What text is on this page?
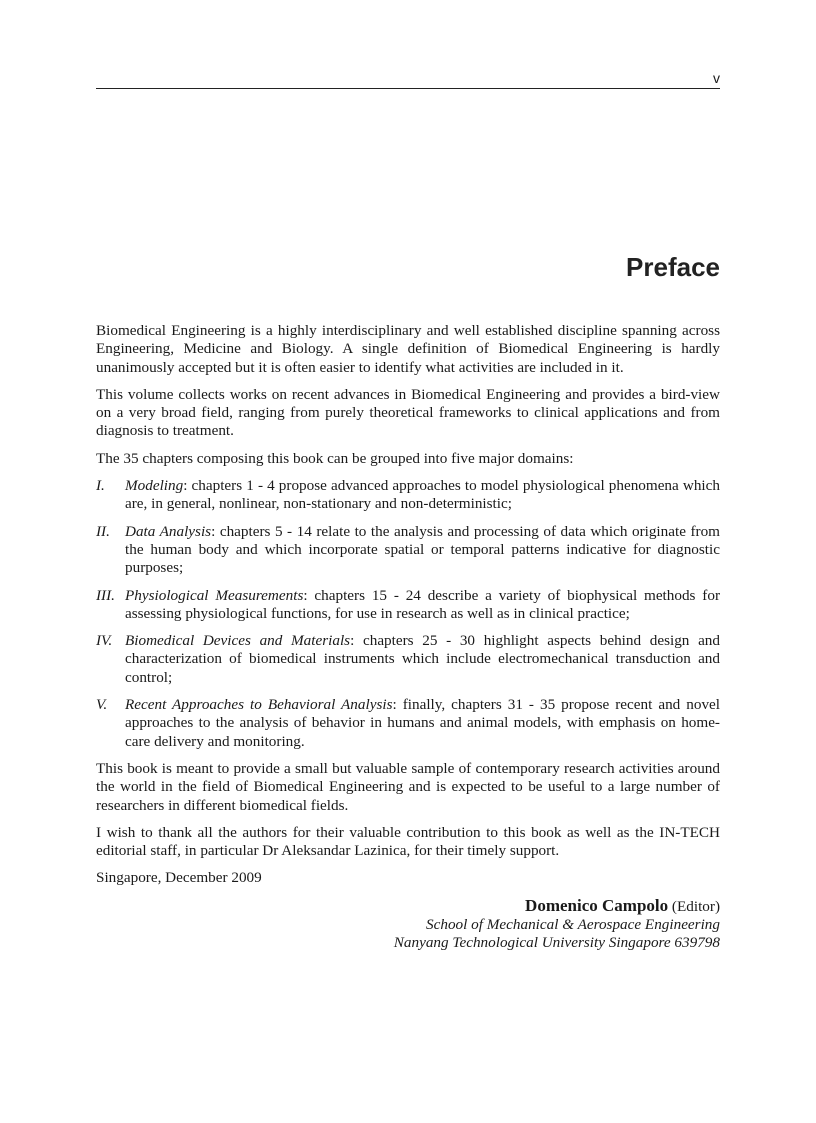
v
Preface

Biomedical Engineering is a highly interdisciplinary and well established discipline spanning across Engineering, Medicine and Biology. A single definition of Biomedical Engineering is hardly unanimously accepted but it is often easier to identify what activities are included in it.

This volume collects works on recent advances in Biomedical Engineering and provides a bird-view on a very broad field, ranging from purely theoretical frameworks to clinical applications and from diagnosis to treatment.

The 35 chapters composing this book can be grouped into five major domains:

I.	Modeling: chapters 1 - 4 propose advanced approaches to model physiological phenomena which are, in general, nonlinear, non-stationary and non-deterministic;
II. Data Analysis: chapters 5 - 14 relate to the analysis and processing of data which originate from the human body and which incorporate spatial or temporal patterns indicative for diagnostic purposes;
III. Physiological Measurements: chapters 15 - 24 describe a variety of biophysical methods for assessing physiological functions, for use in research as well as in clinical practice;
IV. Biomedical Devices and Materials: chapters 25 - 30 highlight aspects behind design and characterization of biomedical instruments which include electromechanical transduction and control;
V.	Recent Approaches to Behavioral Analysis: finally, chapters 31 - 35 propose recent and novel approaches to the analysis of behavior in humans and animal models, with emphasis on home-care delivery and monitoring.

This book is meant to provide a small but valuable sample of contemporary research activities around the world in the field of Biomedical Engineering and is expected to be useful to a large number of researchers in different biomedical fields.

I wish to thank all the authors for their valuable contribution to this book as well as the IN-TECH editorial staff, in particular Dr Aleksandar Lazinica, for their timely support.

Singapore, December 2009

Domenico Campolo (Editor)
School of Mechanical & Aerospace Engineering
Nanyang Technological University Singapore 639798
